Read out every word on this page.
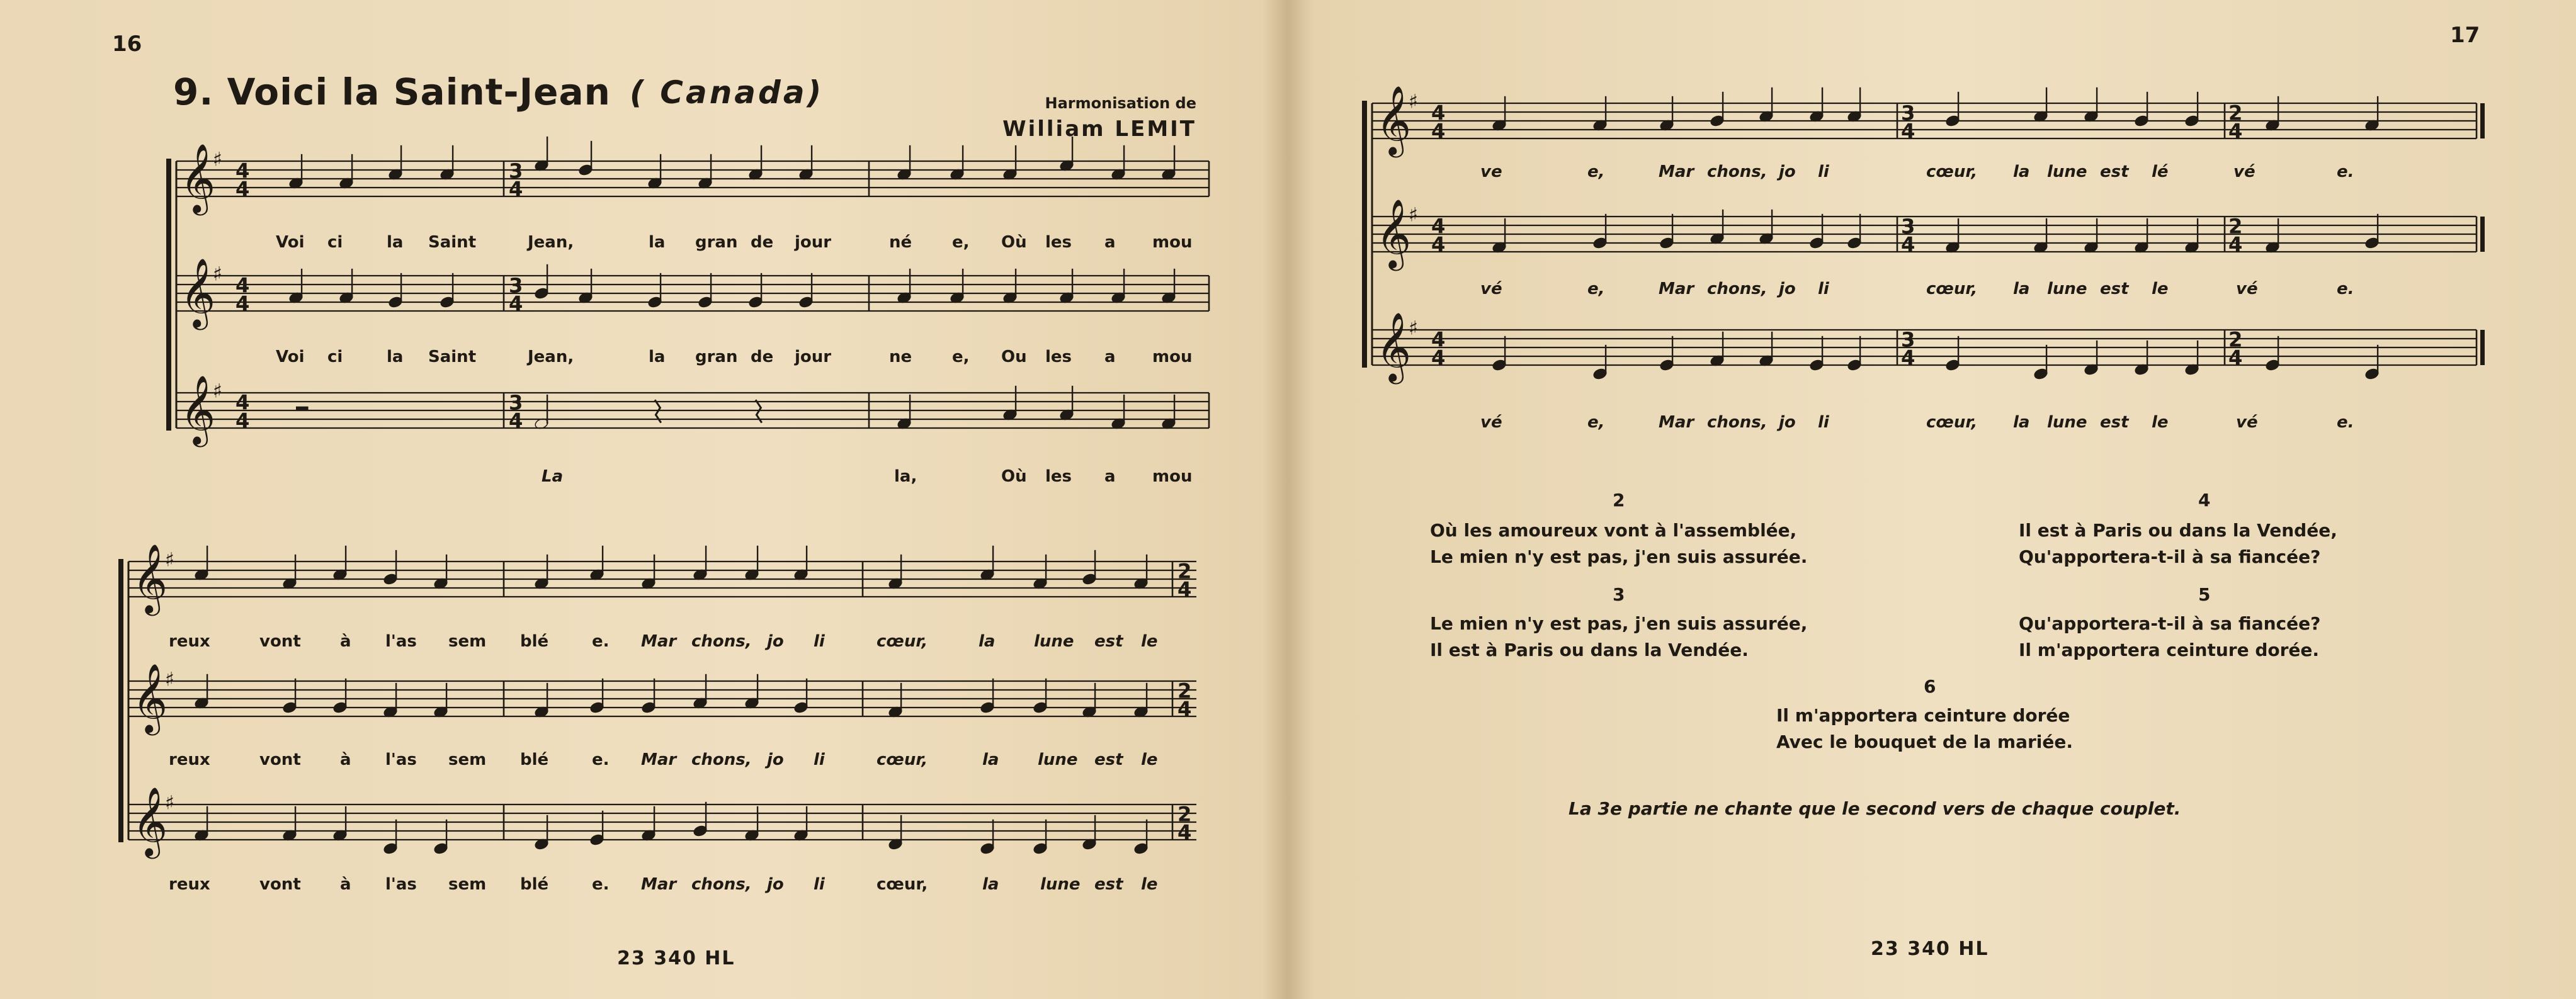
16
9. Voici la Saint-Jean ( Canada)	Harmonisation de
William LEMIT
𝄞
♯ 4
4
𝄞
♯ 4
4
𝄞
♯ 4
4
3
4
3
4
3
4
𝄞
♯
𝄞
♯
𝄞
♯
2
4
2
4
2
4
Voi ci	la Saint	Jean,	la gran de jour	né e, Où les a mou
Voi ci	la Saint	Jean,	la gran de jour	ne e, Ou les a mou
La	la,	Où les a mou
reux	vont à l'as sem blé	e. Mar chons, jo li	cœur,	la lune est le
reux	vont à l'as sem blé	e. Mar chons, jo li	cœur,	la lune est le
reux	vont à l'as sem blé	e. Mar chons, jo li	cœur,	la	lune est le
23 340 HL
17
𝄞
♯ 4
4
𝄞
♯ 4
4
𝄞
♯ 4
4
3
4
2
4
3
4
2
4
3
4
2
4
ve	e,	Mar chons, jo li	cœur, la lune est lé	vé	e.
vé	e,	Mar chons, jo li	cœur, la lune est le	vé	e.
vé	e,	Mar chons, jo li	cœur, la lune est le	vé	e.
2
Où les amoureux vont à l'assemblée,
Le mien n'y est pas, j'en suis assurée.
3
Le mien n'y est pas, j'en suis assurée,
Il est à Paris ou dans la Vendée.
4
Il est à Paris ou dans la Vendée,
Qu'apportera-t-il à sa fiancée?
5
Qu'apportera-t-il à sa fiancée?
Il m'apportera ceinture dorée.
6
Il m'apportera ceinture dorée
Avec le bouquet de la mariée.
La 3e partie ne chante que le second vers de chaque couplet.
23 340 HL
